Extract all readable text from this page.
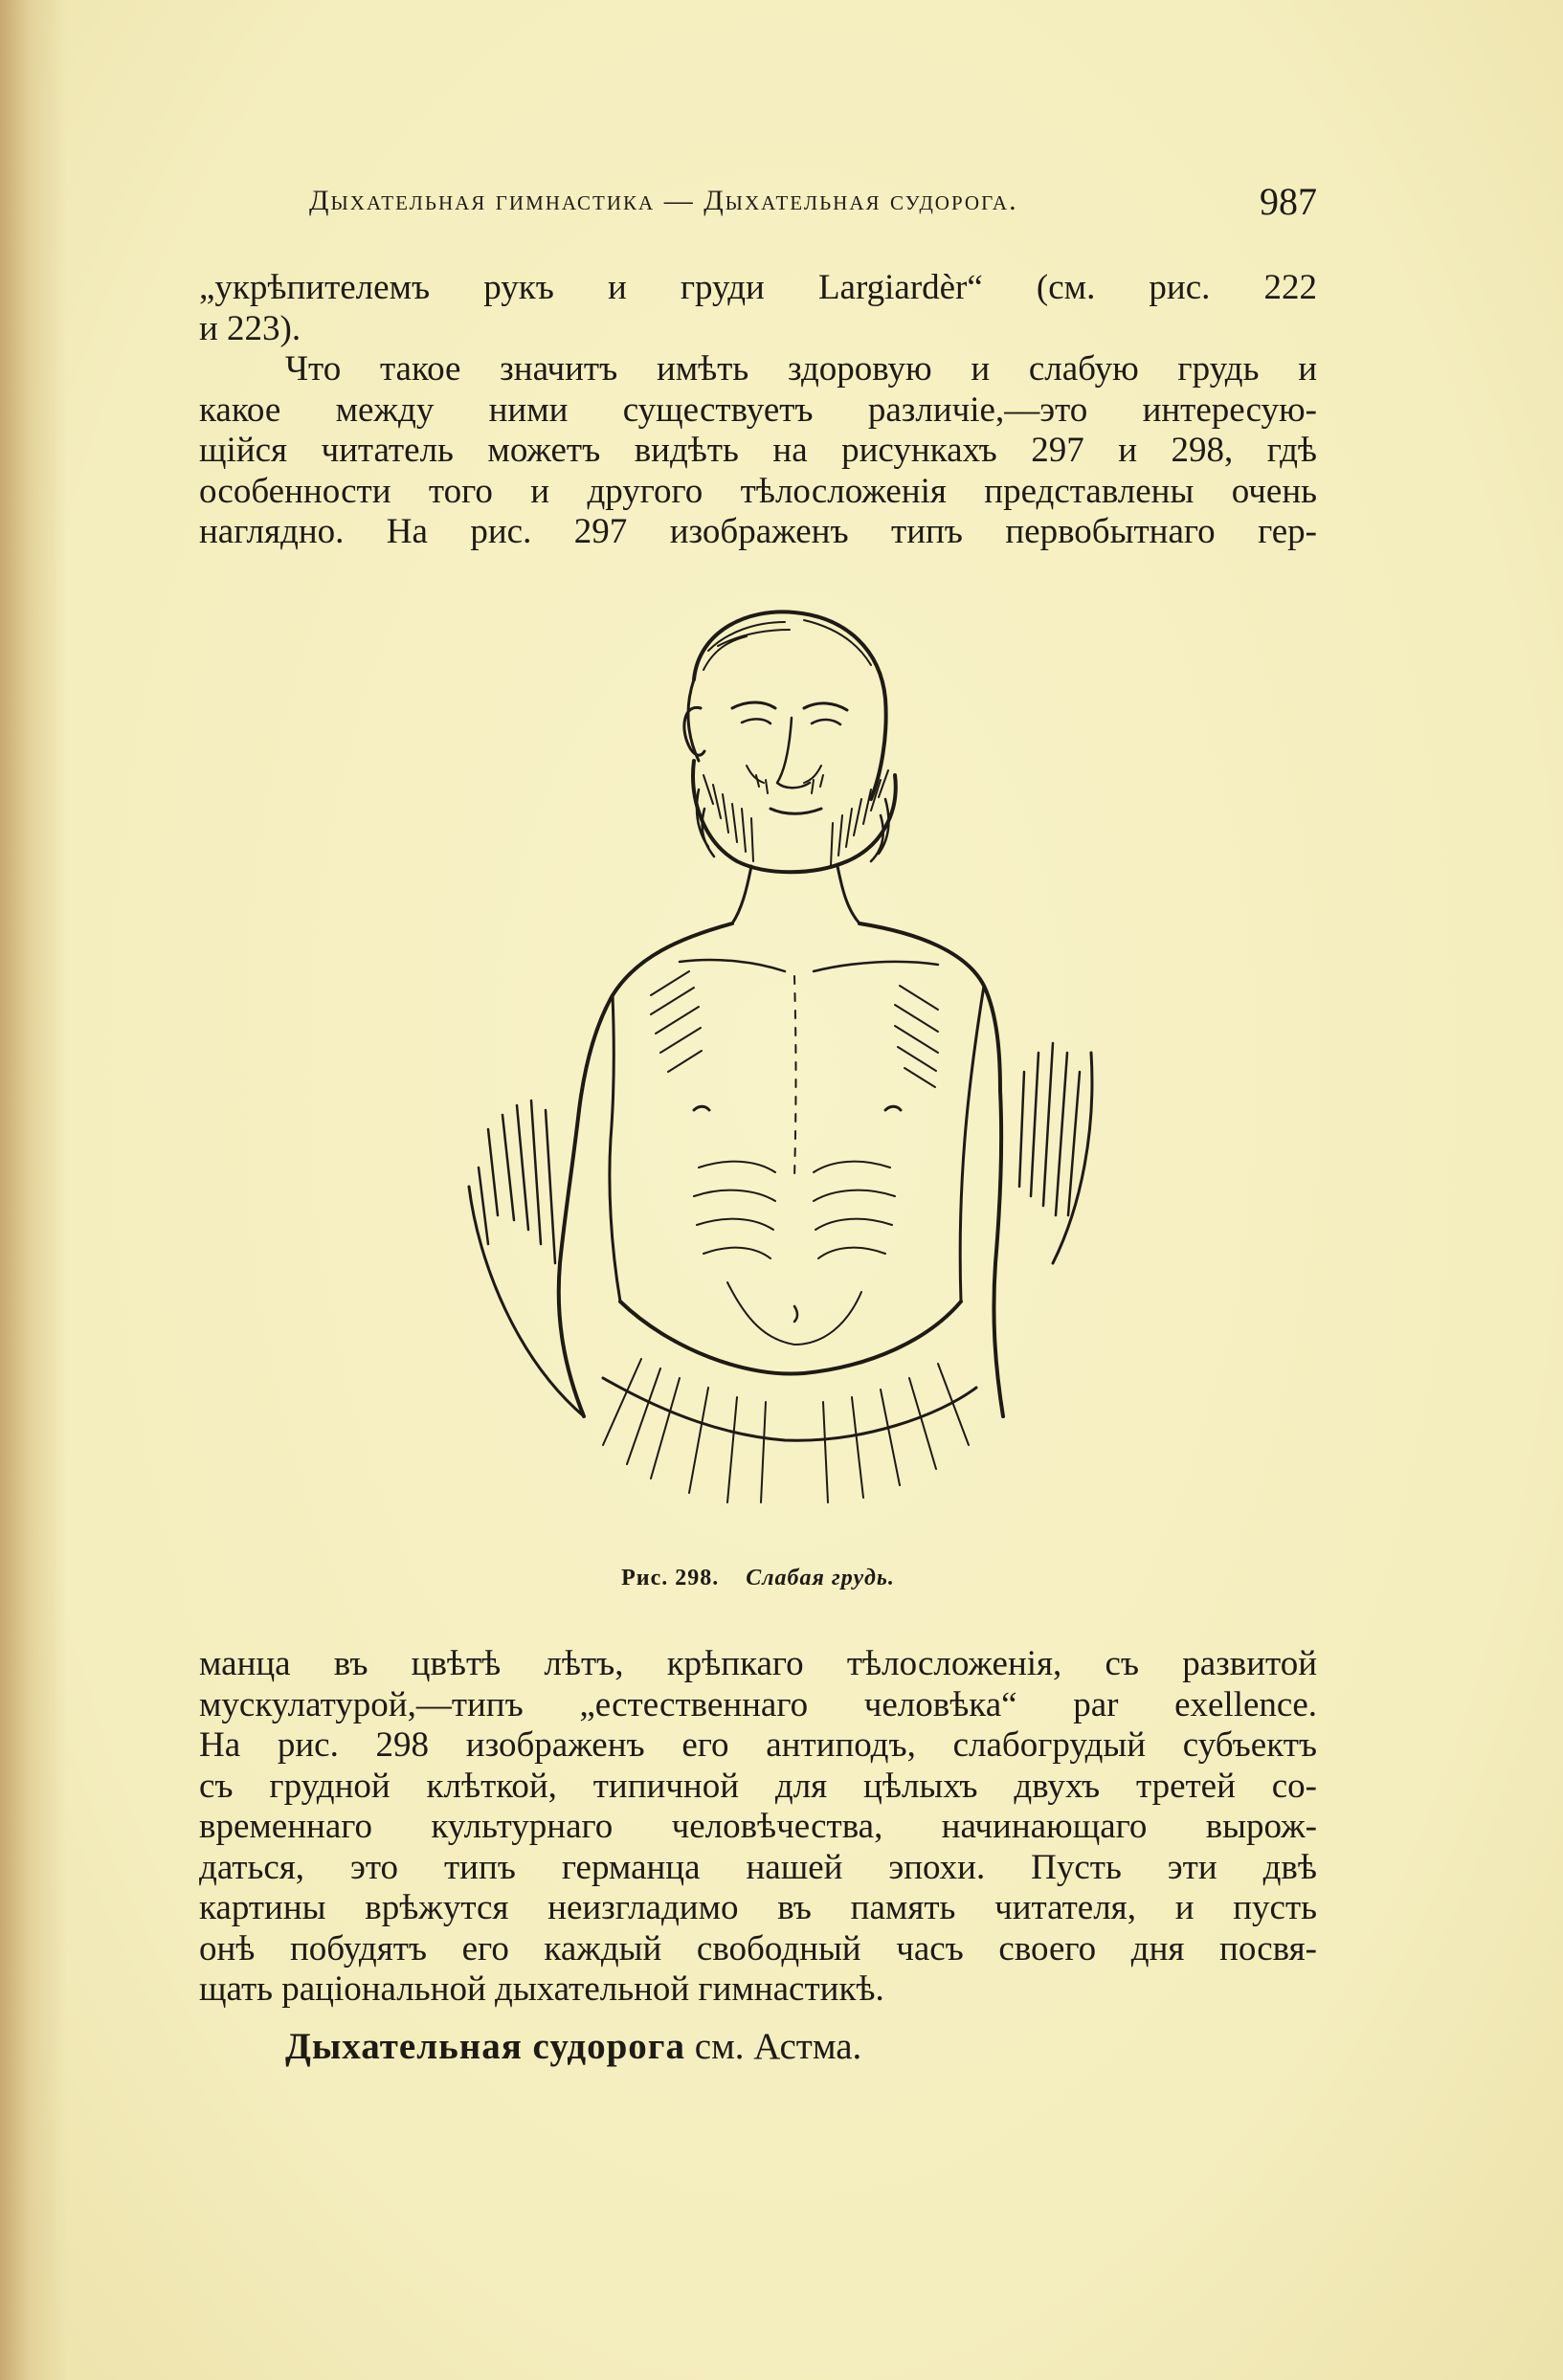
Дыхательная гимнастика — Дыхательная судорога.	987
„укрѣпителемъ рукъ и груди Largiardèr“ (см. рис. 222
и 223).
Что такое значитъ имѣть здоровую и слабую грудь и
какое между ними существуетъ различіе,—это интересую-
щійся читатель можетъ видѣть на рисункахъ 297 и 298, гдѣ
особенности того и другого тѣлосложенія представлены очень
наглядно. На рис. 297 изображенъ типъ первобытнаго гер-
Рис. 298. Слабая грудь.
манца въ цвѣтѣ лѣтъ, крѣпкаго тѣлосложенія, съ развитой
мускулатурой,—типъ „естественнаго человѣка“ par exellence.
На рис. 298 изображенъ его антиподъ, слабогрудый субъектъ
съ грудной клѣткой, типичной для цѣлыхъ двухъ третей со-
временнаго культурнаго человѣчества, начинающаго вырож-
даться, это типъ германца нашей эпохи. Пусть эти двѣ
картины врѣжутся неизгладимо въ память читателя, и пусть
онѣ побудятъ его каждый свободный часъ своего дня посвя-
щать раціональной дыхательной гимнастикѣ.
Дыхательная судорога см. Астма.
